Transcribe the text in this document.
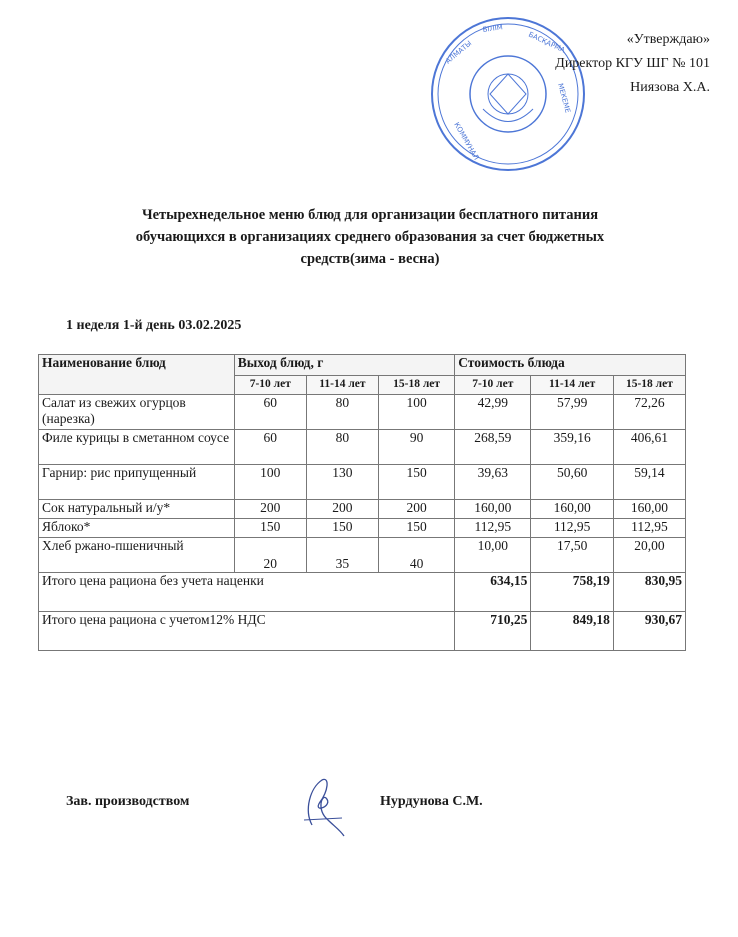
АЛМАТЫ
БІЛІМ
БАСҚАРМА
МЕКЕМЕ
КОММУНАЛ
«Утверждаю»
Директор КГУ ШГ № 101
Ниязова Х.А.
Четырехнедельное меню блюд для организации бесплатного питания
обучающихся в организациях среднего образования за счет бюджетных
средств(зима - весна)
1 неделя 1-й день 03.02.2025
Наименование блюд	Выход блюд, г			Стоимость блюда		
	7-10 лет	11-14 лет	15-18 лет	7-10 лет	11-14 лет	15-18 лет
Салат из свежих огурцов (нарезка)	60	80	100	42,99	57,99	72,26
Филе курицы в сметанном соусе	60	80	90	268,59	359,16	406,61
Гарнир: рис припущенный	100	130	150	39,63	50,60	59,14
Сок натуральный и/у*	200	200	200	160,00	160,00	160,00
Яблоко*	150	150	150	112,95	112,95	112,95
Хлеб ржано-пшеничный	20	35	40	10,00	17,50	20,00
Итого цена рациона без учета наценки				634,15	758,19	830,95
Итого цена рациона с учетом12% НДС				710,25	849,18	930,67
Зав. производством	Нурдунова С.М.
